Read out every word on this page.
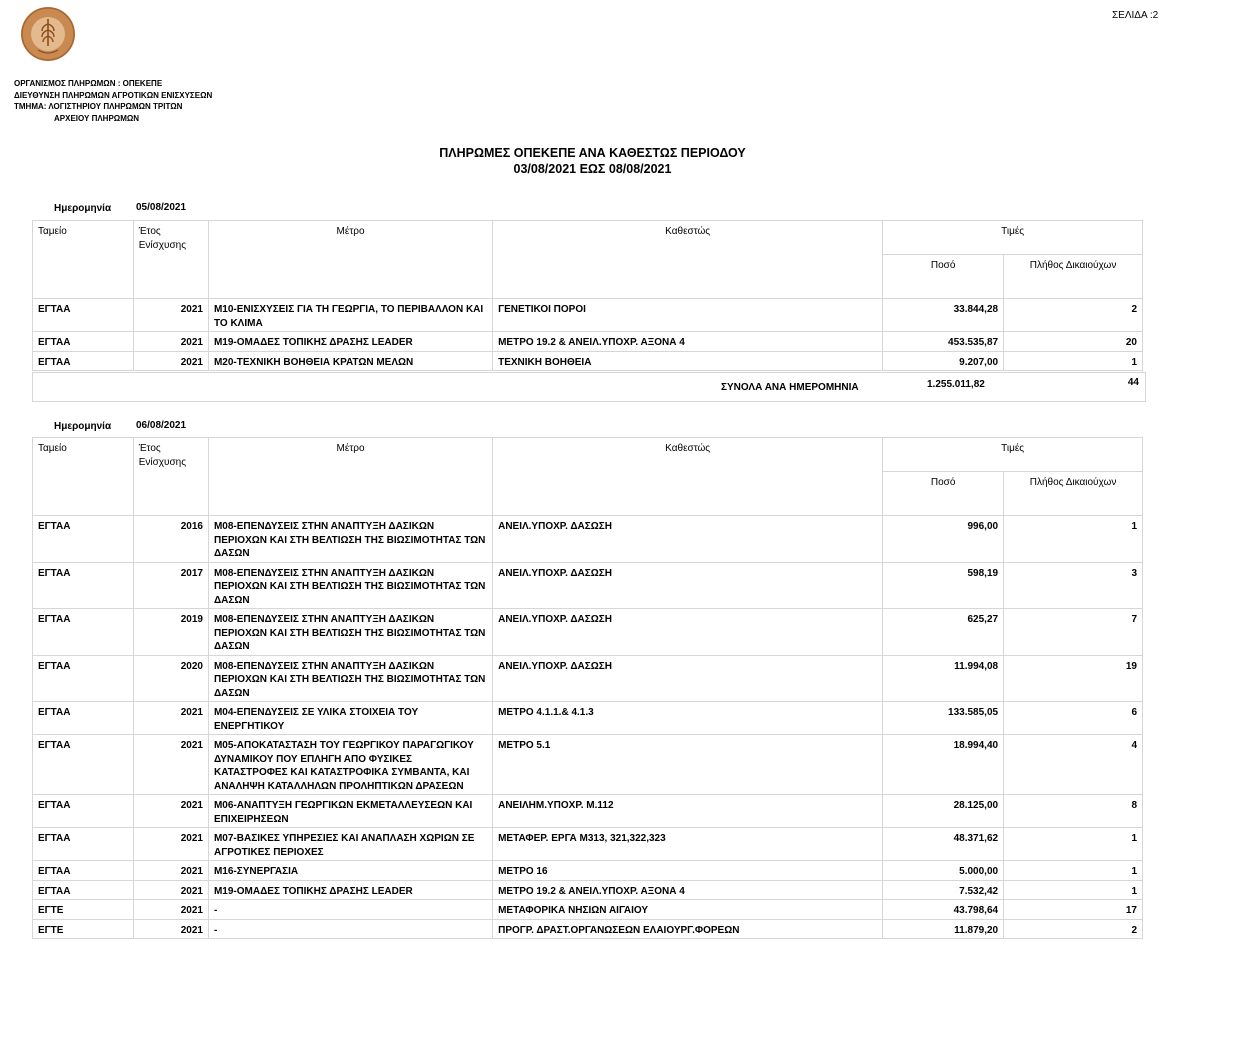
ΣΕΛΙΔΑ :2
ΟΡΓΑΝΙΣΜΟΣ ΠΛΗΡΩΜΩΝ : ΟΠΕΚΕΠΕ
ΔΙΕΥΘΥΝΣΗ ΠΛΗΡΩΜΩΝ ΑΓΡΟΤΙΚΩΝ ΕΝΙΣΧΥΣΕΩΝ
ΤΜΗΜΑ: ΛΟΓΙΣΤΗΡΙΟΥ ΠΛΗΡΩΜΩΝ ΤΡΙΤΩΝ
ΑΡΧΕΙΟΥ ΠΛΗΡΩΜΩΝ
ΠΛΗΡΩΜΕΣ ΟΠΕΚΕΠΕ ΑΝΑ ΚΑΘΕΣΤΩΣ ΠΕΡΙΟΔΟΥ
03/08/2021 ΕΩΣ 08/08/2021
Ημερομηνία 05/08/2021
Ταμείο	Έτος Ενίσχυσης	Μέτρο	Καθεστώς	Τιμές	
				Ποσό	Πλήθος Δικαιούχων
ΕΓΤΑΑ	2021	Μ10-ΕΝΙΣΧΥΣΕΙΣ ΓΙΑ ΤΗ ΓΕΩΡΓΙΑ, ΤΟ ΠΕΡΙΒΑΛΛΟΝ ΚΑΙ ΤΟ ΚΛΙΜΑ	ΓΕΝΕΤΙΚΟΙ ΠΟΡΟΙ	33.844,28	2
ΕΓΤΑΑ	2021	Μ19-ΟΜΑΔΕΣ ΤΟΠΙΚΗΣ ΔΡΑΣΗΣ LEADER	ΜΕΤΡΟ 19.2 & ΑΝΕΙΛ.ΥΠΟΧΡ. ΑΞΟΝΑ 4	453.535,87	20
ΕΓΤΑΑ	2021	Μ20-ΤΕΧΝΙΚΗ ΒΟΗΘΕΙΑ ΚΡΑΤΩΝ ΜΕΛΩΝ	ΤΕΧΝΙΚΗ ΒΟΗΘΕΙΑ	9.207,00	1
ΣΥΝΟΛΑ ΑΝΑ ΗΜΕΡΟΜΗΝΙΑ	1.255.011,82	44
Ημερομηνία 06/08/2021
Ταμείο	Έτος Ενίσχυσης	Μέτρο	Καθεστώς	Τιμές	
				Ποσό	Πλήθος Δικαιούχων
ΕΓΤΑΑ	2016	Μ08-ΕΠΕΝΔΥΣΕΙΣ ΣΤΗΝ ΑΝΑΠΤΥΞΗ ΔΑΣΙΚΩΝ ΠΕΡΙΟΧΩΝ ΚΑΙ ΣΤΗ ΒΕΛΤΙΩΣΗ ΤΗΣ ΒΙΩΣΙΜΟΤΗΤΑΣ ΤΩΝ ΔΑΣΩΝ	ΑΝΕΙΛ.ΥΠΟΧΡ. ΔΑΣΩΣΗ	996,00	1
ΕΓΤΑΑ	2017	Μ08-ΕΠΕΝΔΥΣΕΙΣ ΣΤΗΝ ΑΝΑΠΤΥΞΗ ΔΑΣΙΚΩΝ ΠΕΡΙΟΧΩΝ ΚΑΙ ΣΤΗ ΒΕΛΤΙΩΣΗ ΤΗΣ ΒΙΩΣΙΜΟΤΗΤΑΣ ΤΩΝ ΔΑΣΩΝ	ΑΝΕΙΛ.ΥΠΟΧΡ. ΔΑΣΩΣΗ	598,19	3
ΕΓΤΑΑ	2019	Μ08-ΕΠΕΝΔΥΣΕΙΣ ΣΤΗΝ ΑΝΑΠΤΥΞΗ ΔΑΣΙΚΩΝ ΠΕΡΙΟΧΩΝ ΚΑΙ ΣΤΗ ΒΕΛΤΙΩΣΗ ΤΗΣ ΒΙΩΣΙΜΟΤΗΤΑΣ ΤΩΝ ΔΑΣΩΝ	ΑΝΕΙΛ.ΥΠΟΧΡ. ΔΑΣΩΣΗ	625,27	7
ΕΓΤΑΑ	2020	Μ08-ΕΠΕΝΔΥΣΕΙΣ ΣΤΗΝ ΑΝΑΠΤΥΞΗ ΔΑΣΙΚΩΝ ΠΕΡΙΟΧΩΝ ΚΑΙ ΣΤΗ ΒΕΛΤΙΩΣΗ ΤΗΣ ΒΙΩΣΙΜΟΤΗΤΑΣ ΤΩΝ ΔΑΣΩΝ	ΑΝΕΙΛ.ΥΠΟΧΡ. ΔΑΣΩΣΗ	11.994,08	19
ΕΓΤΑΑ	2021	Μ04-ΕΠΕΝΔΥΣΕΙΣ ΣΕ ΥΛΙΚΑ ΣΤΟΙΧΕΙΑ ΤΟΥ ΕΝΕΡΓΗΤΙΚΟΥ	ΜΕΤΡΟ 4.1.1.& 4.1.3	133.585,05	6
ΕΓΤΑΑ	2021	Μ05-ΑΠΟΚΑΤΑΣΤΑΣΗ ΤΟΥ ΓΕΩΡΓΙΚΟΥ ΠΑΡΑΓΩΓΙΚΟΥ ΔΥΝΑΜΙΚΟΥ ΠΟΥ ΕΠΛΗΓΗ ΑΠΟ ΦΥΣΙΚΕΣ ΚΑΤΑΣΤΡΟΦΕΣ ΚΑΙ ΚΑΤΑΣΤΡΟΦΙΚΑ ΣΥΜΒΑΝΤΑ, ΚΑΙ ΑΝΑΛΗΨΗ ΚΑΤΑΛΛΗΛΩΝ ΠΡΟΛΗΠΤΙΚΩΝ ΔΡΑΣΕΩΝ	ΜΕΤΡΟ 5.1	18.994,40	4
ΕΓΤΑΑ	2021	Μ06-ΑΝΑΠΤΥΞΗ ΓΕΩΡΓΙΚΩΝ ΕΚΜΕΤΑΛΛΕΥΣΕΩΝ ΚΑΙ ΕΠΙΧΕΙΡΗΣΕΩΝ	ΑΝΕΙΛΗΜ.ΥΠΟΧΡ. Μ.112	28.125,00	8
ΕΓΤΑΑ	2021	Μ07-ΒΑΣΙΚΕΣ ΥΠΗΡΕΣΙΕΣ ΚΑΙ ΑΝΑΠΛΑΣΗ ΧΩΡΙΩΝ ΣΕ ΑΓΡΟΤΙΚΕΣ ΠΕΡΙΟΧΕΣ	ΜΕΤΑΦΕΡ. ΕΡΓΑ Μ313, 321,322,323	48.371,62	1
ΕΓΤΑΑ	2021	Μ16-ΣΥΝΕΡΓΑΣΙΑ	ΜΕΤΡΟ 16	5.000,00	1
ΕΓΤΑΑ	2021	Μ19-ΟΜΑΔΕΣ ΤΟΠΙΚΗΣ ΔΡΑΣΗΣ LEADER	ΜΕΤΡΟ 19.2 & ΑΝΕΙΛ.ΥΠΟΧΡ. ΑΞΟΝΑ 4	7.532,42	1
ΕΓΤΕ	2021	-	ΜΕΤΑΦΟΡΙΚΑ ΝΗΣΙΩΝ ΑΙΓΑΙΟΥ	43.798,64	17
ΕΓΤΕ	2021	-	ΠΡΟΓΡ. ΔΡΑΣΤ.ΟΡΓΑΝΩΣΕΩΝ ΕΛΑΙΟΥΡΓ.ΦΟΡΕΩΝ	11.879,20	2
